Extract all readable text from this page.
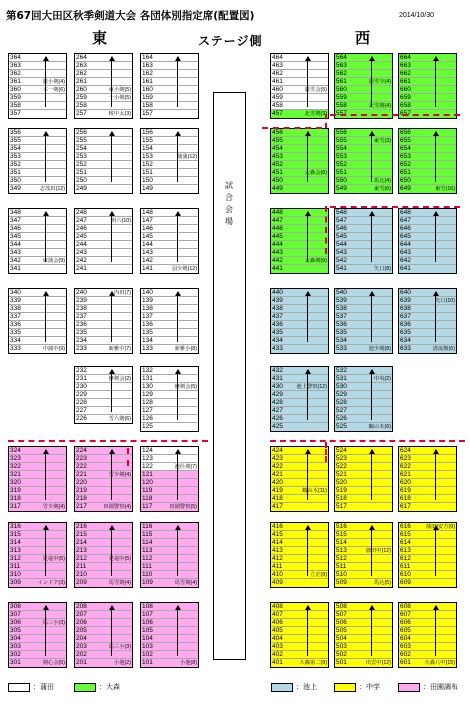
第67回大田区秋季剣道大会 各団体別指定席(配置図)	2014/10/30
東	ステージ側	西
試
合
会
場
364
363
362
361	蒲小剣(4)
360	本一剣(6)
359
358
357
356
355
354
353
352
351
350
349	志茂田(12)
348
347
346
345
344
343
342	東蒲会(9)
341
340
339
338
337
336
335
334
333	中蒲中(9)
324
323
322
321
320
319
318
317	雪少剣(4)
316
315
314
313
312	見竜中(5)
311
310
309	インドア(3)
308
307
306	馬三小(3)
305
304
303
302
301	剣心会(5)
264
263
262
261
260	東小剣(5)
259	十小剣(5)
258
257	桜中太(3)
256
255
254
253
252
251
250
249
248
247	明六(10)
246
245
244
243
242
241
240	内田(7)
239
238
237
236
235
234
233	新雅中(7)
232
231	修剣会(2)
230
229
228
227
226	雪六剣(6)
224
223
222
221	雪少剣(4)
220
219
218
217	田園警察(4)
216
215
214
213
212	見竜中(5)
211
210
209	馬雪剣(4)
208
207
206
205
204
203	馬三小(3)
202
201	小池(2)
164
163
162
161
160
159
158
157
156
155
154
153	蒲蒲(12)
152
151
150
149
148
147
146
145
144
143
142
141	羽少剣(12)
140
139
138
137
136
135
134
133	新雅小(8)
132
131
130	修剣会(5)
129
128
127
126
125
124
123
122	池仕剣(7)
121
120
119
118
117	田園警察(5)
116
115
114
113
112
111
110
109	馬雪剣(4)
108
107
106
105
104
103
102
101	小池(8)
464
463
462
461
460	蒲雪会(5)
459
458
457	北雪剣(3)
456
455
454
453
452
451	大森会(6)
450
449
448
447
446
445
444
443
442	大森剣(9)
441
440
439
438
437
436
435
434
433
432
431
430	池上警察(12)
429
428
427
426
425
424
423
422
421
420
419	鶴の木(11)
418
417
416
415
414
413
412
411
410	立正(9)
409
408
407
406
405
404
403
402
401	大森第二(9)
564
563
562
561	蒲雪少(4)
560
559
558	北雪剣(4)
557
556
555	東雪(3)
554
553
552
551
550	馬込(4)
549	東雪(6)
548
547
546
545
544
543
542
541	矢口(8)
540
539
538
537
536
535
534
533	池少剣(8)
532
531	中央(2)
530
529
528
527
526
525	鶴の木(6)
524
523
522
521
520
519
518
517
516
515
514
513	蒲田中(12)
512
511
510
509	馬込(5)
508
507
506
505
504
503
502
501	出雲中(12)
664
663
662
661
660
659
658
657
656
655
654
653
652
651
650
649	東雪(16)
648
647
646
645
644
643
642
641
640
639	矢口(10)
638
637
636
635
634
633	清流館(6)
624
623
622
621
620
619
618
617
616	蒲田/安方(9)
615
614
613
612
611
610
609
608
607
606
605
604
603
602
601	大森八中(15)
：蒲田	：大森	：池上	：中学	：田園調布
